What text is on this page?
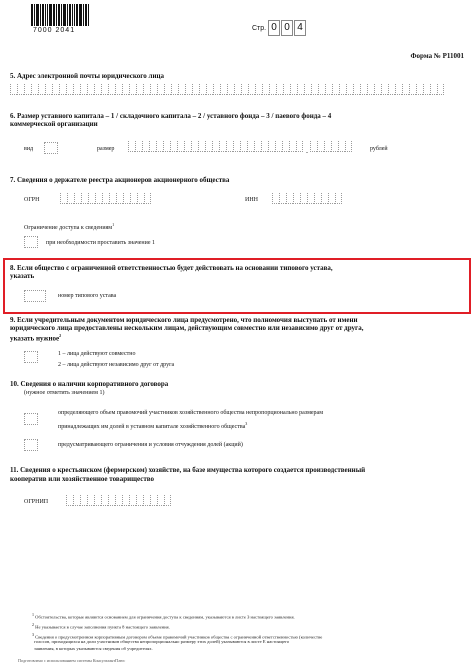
7000 2041	Стр. 0 0 4
Форма № Р11001
5. Адрес электронной почты юридического лица
6. Размер уставного капитала – 1 / складочного капитала – 2 / уставного фонда – 3 / паевого фонда – 4
коммерческой организации
вид	размер	.	рублей
7. Сведения о держателе реестра акционеров акционерного общества
ОГРН	ИНН
Ограничение доступа к сведениям$^1$
при необходимости проставить значение 1
8. Если общество с ограниченной ответственностью будет действовать на основании типового устава,
указать
номер типового устава
9. Если учредительным документом юридического лица предусмотрено, что полномочия выступать от имени
юридического лица предоставлены нескольким лицам, действующим совместно или независимо друг от друга,
указать нужное$^2$
1 – лица действуют совместно
2 – лица действуют независимо друг от друга
10. Сведения о наличии корпоративного договора
(нужное отметить значением 1)
определяющего объем правомочий участников хозяйственного общества непропорционально размерам
принадлежащих им долей в уставном капитале хозяйственного общества$^3$
предусматривающего ограничения и условия отчуждения долей (акций)
11. Сведения о крестьянском (фермерском) хозяйстве, на базе имущества которого создается производственный
кооператив или хозяйственное товарищество
ОГРНИП
1 Обстоятельства, которые являются основанием для ограничения доступа к сведениям, указываются в листе З настоящего заявления.
2 Не указывается в случае заполнения пункта 8 настоящего заявления.
3 Сведения о предусмотренном корпоративным договором объеме правомочий участников общества с ограниченной ответственностью (количестве
голосов, приходящихся на доли участников общества непропорционально размеру этих долей) указываются в листе Е настоящего
заявления, в которых указываются сведения об учредителях.
Подготовлено с использованием системы КонсультантПлюс
